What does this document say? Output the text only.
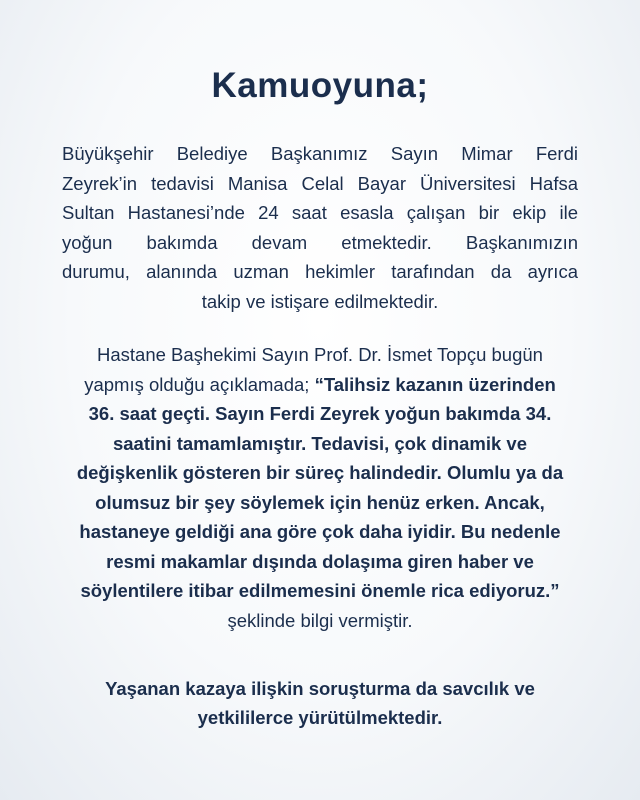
Kamuoyuna;
Büyükşehir Belediye Başkanımız Sayın Mimar Ferdi
Zeyrek’in tedavisi Manisa Celal Bayar Üniversitesi Hafsa
Sultan Hastanesi’nde 24 saat esasla çalışan bir ekip ile
yoğun bakımda devam etmektedir. Başkanımızın
durumu, alanında uzman hekimler tarafından da ayrıca
takip ve istişare edilmektedir.
Hastane Başhekimi Sayın Prof. Dr. İsmet Topçu bugün
yapmış olduğu açıklamada; “Talihsiz kazanın üzerinden
36. saat geçti. Sayın Ferdi Zeyrek yoğun bakımda 34.
saatini tamamlamıştır. Tedavisi, çok dinamik ve
değişkenlik gösteren bir süreç halindedir. Olumlu ya da
olumsuz bir şey söylemek için henüz erken. Ancak,
hastaneye geldiği ana göre çok daha iyidir. Bu nedenle
resmi makamlar dışında dolaşıma giren haber ve
söylentilere itibar edilmemesini önemle rica ediyoruz.”
şeklinde bilgi vermiştir.
Yaşanan kazaya ilişkin soruşturma da savcılık ve
yetkililerce yürütülmektedir.
